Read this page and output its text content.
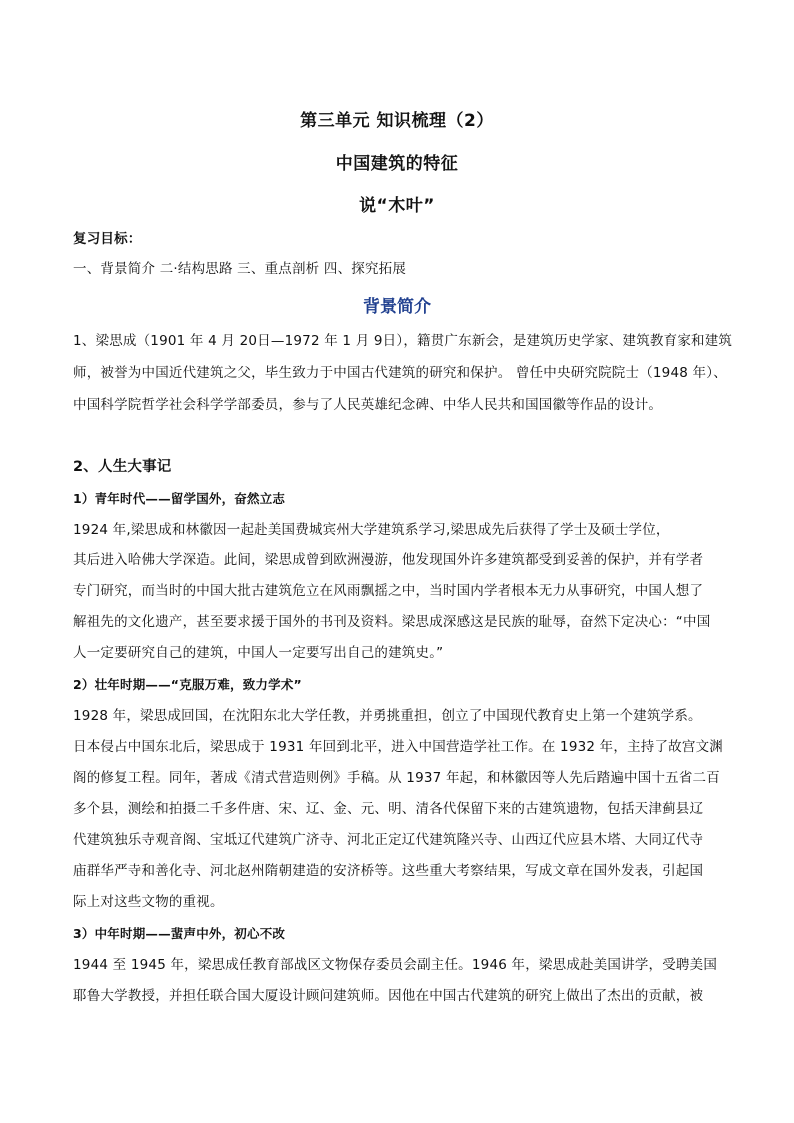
第三单元 知识梳理（2）
中国建筑的特征
说“木叶”
复习目标：
一、背景简介 二·结构思路 三、重点剖析 四、探究拓展
背景简介
1、梁思成（1901 年 4 月 20日—1972 年 1 月 9日），籍贯广东新会，是建筑历史学家、建筑教育家和建筑
师，被誉为中国近代建筑之父，毕生致力于中国古代建筑的研究和保护。 曾任中央研究院院士（1948 年）、
中国科学院哲学社会科学学部委员，参与了人民英雄纪念碑、中华人民共和国国徽等作品的设计。
2、人生大事记
1）青年时代——留学国外，奋然立志
1924 年,梁思成和林徽因一起赴美国费城宾州大学建筑系学习,梁思成先后获得了学士及硕士学位，
其后进入哈佛大学深造。此间，梁思成曾到欧洲漫游，他发现国外许多建筑都受到妥善的保护，并有学者
专门研究，而当时的中国大批古建筑危立在风雨飘摇之中，当时国内学者根本无力从事研究，中国人想了
解祖先的文化遗产，甚至要求援于国外的书刊及资料。梁思成深感这是民族的耻辱，奋然下定决心：“中国
人一定要研究自己的建筑，中国人一定要写出自己的建筑史。”
2）壮年时期——“克服万难，致力学术”
1928 年，梁思成回国，在沈阳东北大学任教，并勇挑重担，创立了中国现代教育史上第一个建筑学系。
日本侵占中国东北后，梁思成于 1931 年回到北平，进入中国营造学社工作。在 1932 年，主持了故宫文渊
阁的修复工程。同年，著成《清式营造则例》手稿。从 1937 年起，和林徽因等人先后踏遍中国十五省二百
多个县，测绘和拍摄二千多件唐、宋、辽、金、元、明、清各代保留下来的古建筑遗物，包括天津蓟县辽
代建筑独乐寺观音阁、宝坻辽代建筑广济寺、河北正定辽代建筑隆兴寺、山西辽代应县木塔、大同辽代寺
庙群华严寺和善化寺、河北赵州隋朝建造的安济桥等。这些重大考察结果，写成文章在国外发表，引起国
际上对这些文物的重视。
3）中年时期——蜚声中外，初心不改
1944 至 1945 年，梁思成任教育部战区文物保存委员会副主任。1946 年，梁思成赴美国讲学，受聘美国
耶鲁大学教授，并担任联合国大厦设计顾问建筑师。因他在中国古代建筑的研究上做出了杰出的贡献，被
